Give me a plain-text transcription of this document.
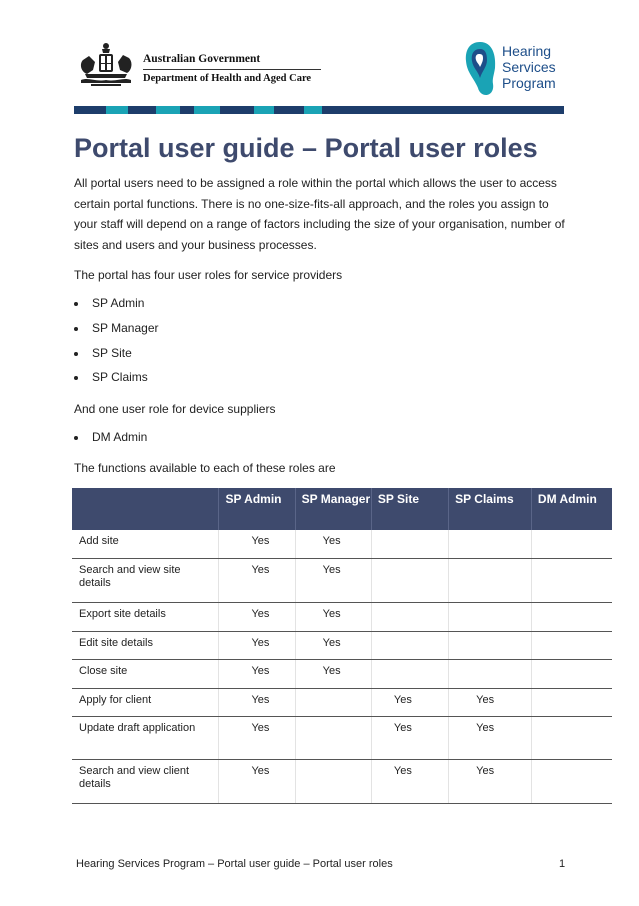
Australian Government
Department of Health and Aged Care
Hearing
Services
Program
Portal user guide – Portal user roles
All portal users need to be assigned a role within the portal which allows the user to access certain portal functions. There is no one-size-fits-all approach, and the roles you assign to your staff will depend on a range of factors including the size of your organisation, number of sites and users and your business processes.
The portal has four user roles for service providers
SP Admin
SP Manager
SP Site
SP Claims
And one user role for device suppliers
DM Admin
The functions available to each of these roles are
	SP Admin	SP Manager	SP Site	SP Claims	DM Admin
Add site	Yes	Yes			
Search and view site details	Yes	Yes			
Export site details	Yes	Yes			
Edit site details	Yes	Yes			
Close site	Yes	Yes			
Apply for client	Yes		Yes	Yes	
Update draft application	Yes		Yes	Yes	
Search and view client details	Yes		Yes	Yes	
Hearing Services Program – Portal user guide – Portal user roles	1
